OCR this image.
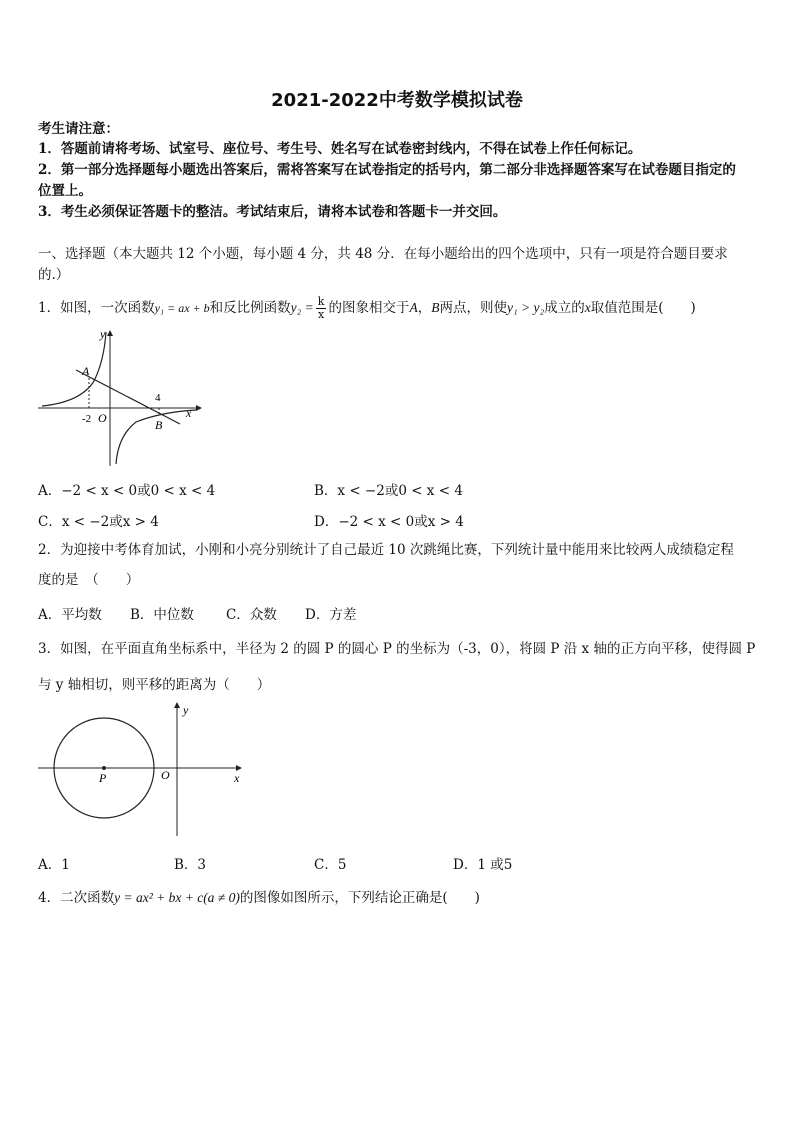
2021-2022中考数学模拟试卷
考生请注意：
1．答题前请将考场、试室号、座位号、考生号、姓名写在试卷密封线内，不得在试卷上作任何标记。
2．第一部分选择题每小题选出答案后，需将答案写在试卷指定的括号内，第二部分非选择题答案写在试卷题目指定的
位置上。
3．考生必须保证答题卡的整洁。考试结束后，请将本试卷和答题卡一并交回。
一、选择题（本大题共 12 个小题，每小题 4 分，共 48 分．在每小题给出的四个选项中，只有一项是符合题目要求
的.）
1．如图，一次函数y₁ = ax + b和反比例函数$y_2 = \frac{k}{x}$ 的图象相交于A，B两点，则使y₁ > y₂成立的x取值范围是(　　)
y
A
4
-2 O	x
B
A．−2 < x < 0或0 < x < 4	B．x < −2或0 < x < 4
C．x < −2或x > 4	D．−2 < x < 0或x > 4
2．为迎接中考体育加试，小刚和小亮分别统计了自己最近 10 次跳绳比赛，下列统计量中能用来比较两人成绩稳定程
度的是　（　　）
A．平均数 B．中位数 C．众数 D．方差
3．如图，在平面直角坐标系中，半径为 2 的圆 P 的圆心 P 的坐标为（-3，0），将圆 P 沿 x 轴的正方向平移，使得圆 P
与 y 轴相切，则平移的距离为（　　）
y
P	O	x
A．1	B．3	C．5	D．1 或5
4．二次函数y = ax² + bx + c(a ≠ 0)的图像如图所示，下列结论正确是(　　)
